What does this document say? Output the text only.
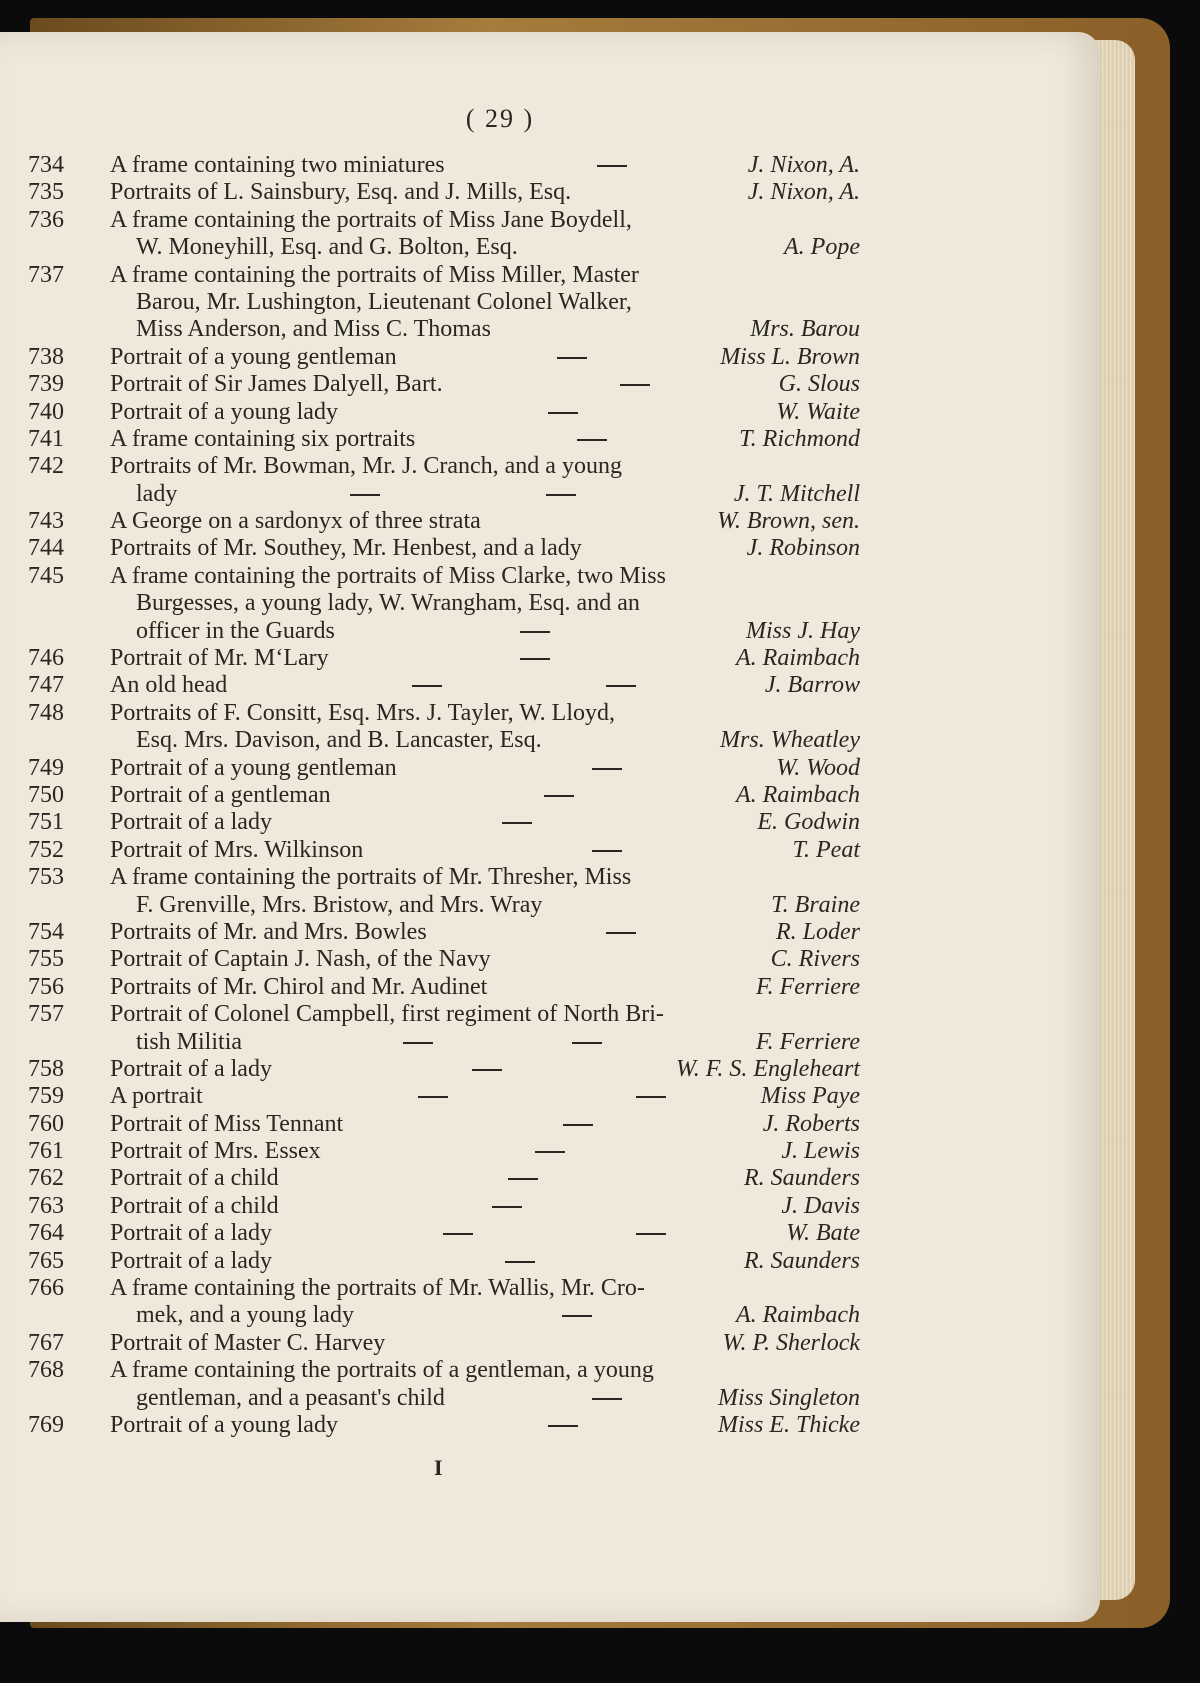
( 29 )
734	A frame containing two miniatures	J. Nixon, A.
735	Portraits of L. Sainsbury, Esq. and J. Mills, Esq.	J. Nixon, A.
736	A frame containing the portraits of Miss Jane Boydell,
W. Moneyhill, Esq. and G. Bolton, Esq.	A. Pope
737	A frame containing the portraits of Miss Miller, Master
Barou, Mr. Lushington, Lieutenant Colonel Walker,
Miss Anderson, and Miss C. Thomas	Mrs. Barou
738	Portrait of a young gentleman	Miss L. Brown
739	Portrait of Sir James Dalyell, Bart.	G. Slous
740	Portrait of a young lady	W. Waite
741	A frame containing six portraits	T. Richmond
742	Portraits of Mr. Bowman, Mr. J. Cranch, and a young
lady	J. T. Mitchell
743	A George on a sardonyx of three strata	W. Brown, sen.
744	Portraits of Mr. Southey, Mr. Henbest, and a lady	J. Robinson
745	A frame containing the portraits of Miss Clarke, two Miss
Burgesses, a young lady, W. Wrangham, Esq. and an
officer in the Guards	Miss J. Hay
746	Portrait of Mr. M‘Lary	A. Raimbach
747	An old head	J. Barrow
748	Portraits of F. Consitt, Esq. Mrs. J. Tayler, W. Lloyd,
Esq. Mrs. Davison, and B. Lancaster, Esq.	Mrs. Wheatley
749	Portrait of a young gentleman	W. Wood
750	Portrait of a gentleman	A. Raimbach
751	Portrait of a lady	E. Godwin
752	Portrait of Mrs. Wilkinson	T. Peat
753	A frame containing the portraits of Mr. Thresher, Miss
F. Grenville, Mrs. Bristow, and Mrs. Wray	T. Braine
754	Portraits of Mr. and Mrs. Bowles	R. Loder
755	Portrait of Captain J. Nash, of the Navy	C. Rivers
756	Portraits of Mr. Chirol and Mr. Audinet	F. Ferriere
757	Portrait of Colonel Campbell, first regiment of North Bri-
tish Militia	F. Ferriere
758	Portrait of a lady	W. F. S. Engleheart
759	A portrait	Miss Paye
760	Portrait of Miss Tennant	J. Roberts
761	Portrait of Mrs. Essex	J. Lewis
762	Portrait of a child	R. Saunders
763	Portrait of a child	J. Davis
764	Portrait of a lady	W. Bate
765	Portrait of a lady	R. Saunders
766	A frame containing the portraits of Mr. Wallis, Mr. Cro-
mek, and a young lady	A. Raimbach
767	Portrait of Master C. Harvey	W. P. Sherlock
768	A frame containing the portraits of a gentleman, a young
gentleman, and a peasant's child	Miss Singleton
769	Portrait of a young lady	Miss E. Thicke
I
